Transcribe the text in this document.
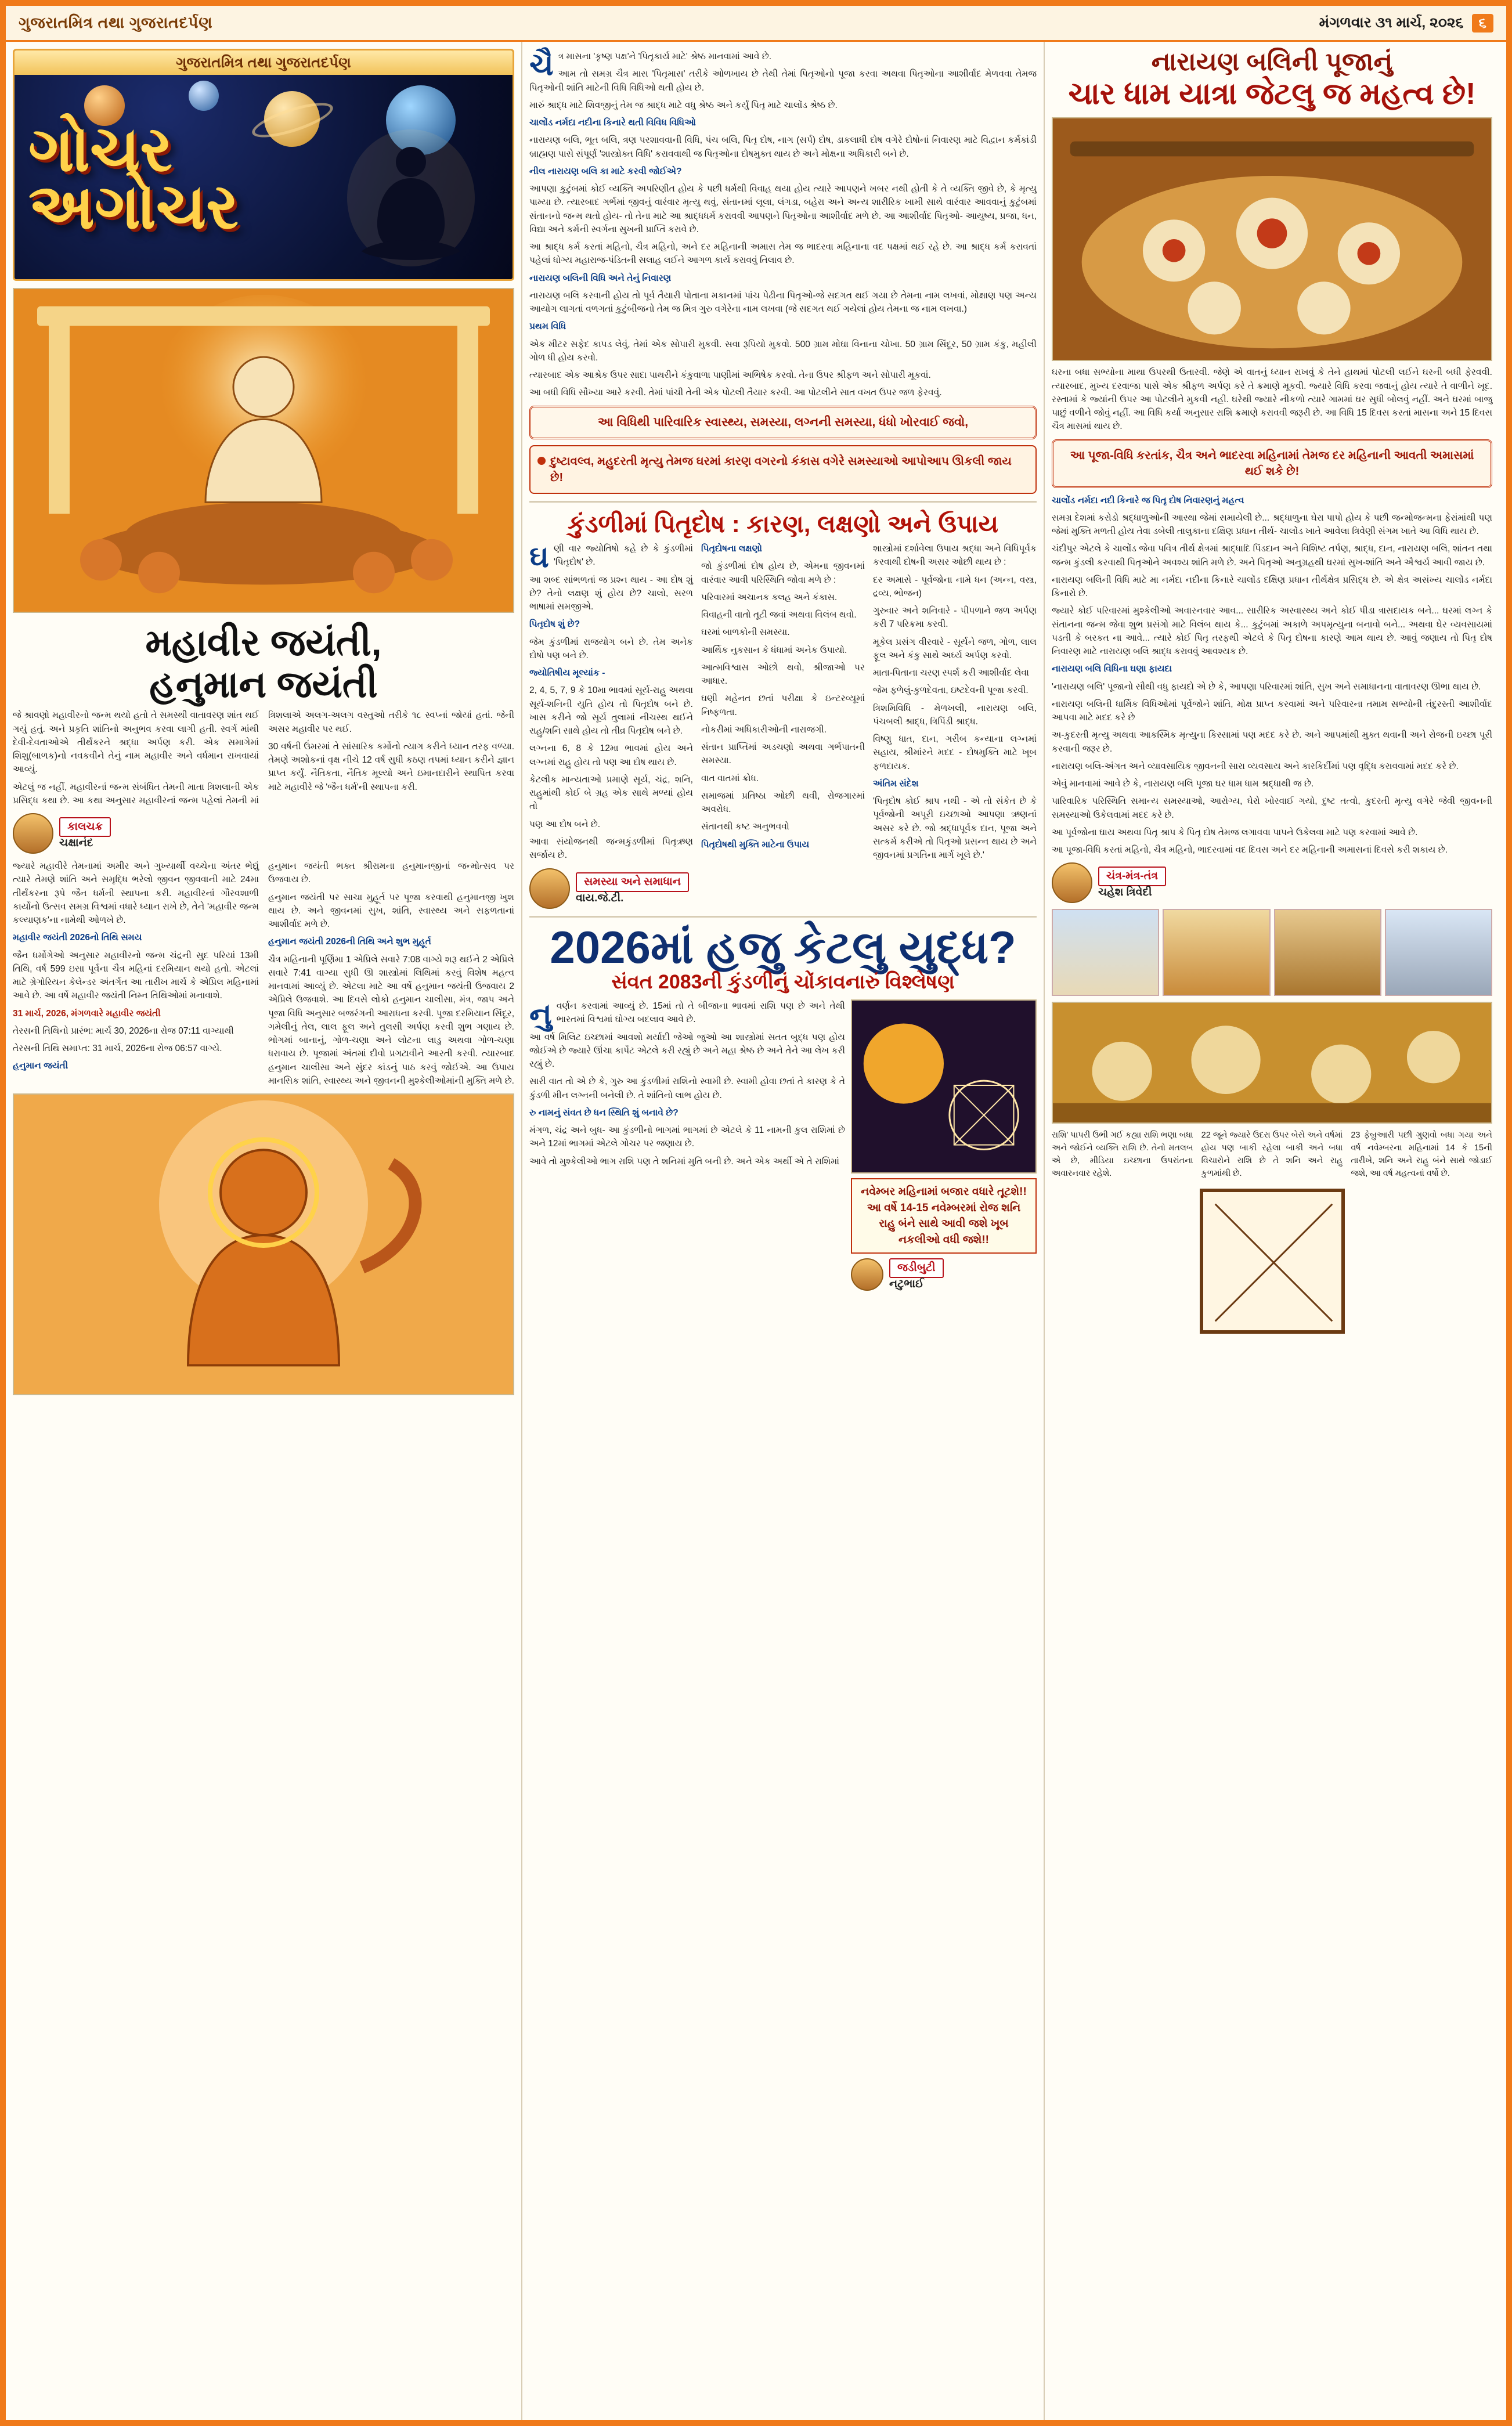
ગુજરાતમિત્ર તથા ગુજરાતદર્પણ	મંગળવાર ૩૧ માર્ચ, ૨૦૨૬	૬
ગુજરાતમિત્ર તથા ગુજરાતદર્પણ
ગોચર
અગોચર
મહાવીર જયંતી,
હનુમાન જયંતી

જે શ્રાવણો મહાવીરનો જન્મ થયો હતો તે સમસ્થી વાતાવરણ શાંત થઈ ગયું હતું. અને પ્રકૃતિ શાંતિનો અનુભવ કરવા લાગી હતી. સ્વર્ગ માંથી દેવી-દેવતાઓએ તીર્થંકરને શ્રદ્ધા અર્પણ કરી. એક સમાગેમાં શિશુ(બાળક)નો નવકવીને તેનું નામ મહાવીર અને વર્ધમાન રાખવાયાં આવ્યું.

એટલું જ નહીં, મહાવીરનાં જન્મ સંબંધિત તેમની માતા ત્રિશલાની એક પ્રસિદ્ધ કથા છે. આ કથા અનુસાર મહાવીરનાં જન્મ પહેલાં તેમની માં ત્રિશલાએ અલગ-અલગ વસ્તુઓ તરીકે ૧૮ સ્વપ્નાં જોયાં હતાં. જેની અસર મહાવીર પર થઈ.

30 વર્ષની ઉંમરમાં તે સાંસારિક કર્મોનો ત્યાગ કરીને ધ્યાન તરફ વળ્યા. તેમણે અશોકનાં વૃક્ષ નીચે 12 વર્ષ સુધી કઠણ તપમાં ધ્યાન કરીને જ્ઞાન પ્રાપ્ત કર્યું. નૈતિકતા, નૈતિક મૂલ્યો અને ઇમાનદારીને સ્થાપિત કરવા માટે મહાવીરે જે 'જૈન ધર્મ'ની સ્થાપના કરી.

કાલચક્ર
ચક્ષાનંદ

જ્યારે મહાવીરે તેમનામાં અમીર અને ગુખ્યાર્થી વચ્ચેના અંતર ભેદ્યું ત્યારે તેમણે શાંતિ અને સમૃદ્ધિ ભરેલો જીવન જીવવાની માટે 24મા તીર્થંકરના રૂપે જૈન ધર્મની સ્થાપના કરી. મહાવીરનાં ગૌરવશાળી કાર્યોનો ઉત્સવ સમગ્ર વિશ્વમાં વધારે ધ્યાન રાખે છે, તેને 'મહાવીર જન્મ કલ્યાણક'ના નામેથી ઓળખે છે.

મહાવીર જયંતી 2026નો તિથિ સમય

જૈન ધર્મોગેઓ અનુસાર મહાવીરનો જન્મ ચંદ્રની સુદ પરિયાં 13મી તિથિ, વર્ષ 599 ઇસા પૂર્વના ચૈત્ર મહિનાં દરમિયાન થયો હતો. એટલાં માટે ગ્રેગોરિયન કેલેન્ડર અંતર્ગત આ તારીખ માર્ચ કે એપ્રિલ મહિનામાં આવે છે. આ વર્ષે મહાવીર જયંતી નિમ્ન તિથિઓમાં મનાવાશે.

31 માર્ચ, 2026, મંગળવારે મહાવીર જયંતી

તેરસની તિથિનો પ્રારંભ: માર્ચ 30, 2026ના રોજ 07:11 વાગ્યાથી

તેરસની તિથિ સમાપ્ત: 31 માર્ચ, 2026ના રોજ 06:57 વાગ્યે.

હનુમાન જયંતી

હનુમાન જયંતી ભક્ત શ્રીરામના હનુમાનજીનાં જન્મોત્સવ પર ઉજવાય છે.

હનુમાન જયંતી પર સાચા મુહૂર્ત પર પૂજા કરવાથી હનુમાનજી ખુશ થાય છે. અને જીવનમાં સુખ, શાંતિ, સ્વાસ્થ્ય અને સફળતાનાં આશીર્વાદ મળે છે.

હનુમાન જયંતી 2026ની તિથિ અને શુભ મુહૂર્ત

ચૈત્ર મહિનાની પૂર્ણિમા 1 એપ્રિલે સવારે 7:08 વાગ્યે શરૂ થઈને 2 એપ્રિલે સવારે 7:41 વાગ્યા સુધી ઊ શાસ્ત્રોમાં લિથિમાં કરવું વિશેષ મહત્વ માનવામાં આવ્યું છે. એટલા માટે આ વર્ષે હનુમાન જયંતી ઉજવાય 2 એપ્રિલે ઉજવાશે. આ દિવસે લોકો હનુમાન ચાલીસા, મંત્ર, જાપ અને પૂજા વિધિ અનુસાર બજરંગની આરાધના કરવી. પૂજા દરમિયાન સિંદૂર, ગમેલીનું તેલ, લાલ ફૂલ અને તુલસી અર્પણ કરવી શુભ ગણાય છે. ભોગમાં બાનાનું, ગોળ-ચણા અને લોટના લાડુ અથવા ગોળ-ચણા ધરાવાય છે. પૂજામાં અંતમાં દીવો પ્રગટાવીને આરતી કરવી. ત્યારબાદ હનુમાન ચાલીસા અને સુંદર કાંડનું પાઠ કરવું જોઈએ. આ ઉપાય માનસિક શાંતિ, સ્વાસ્થ્ય અને જીવનની મુશ્કેલીઓમાંની મુક્તિ મળે છે.

ચૈત્ર માસના 'કૃષ્ણ પક્ષ'ને 'પિતૃકાર્ય માટે' શ્રેષ્ઠ માનવામાં આવે છે.

આમ તો સમગ્ર ચૈત્ર માસ 'પિતૃમાસ' તરીકે ઓળખાય છે તેથી તેમાં પિતૃઓનો પૂજા કરવા અથવા પિતૃઓના આશીર્વાદ મેળવવા તેમજ પિતૃઓની શાંતિ માટેની વિધિ વિધિઓ થતી હોય છે.

મારું શ્રાદ્ધ માટે શિવજીનું તેમ જ શ્રાદ્ધ માટે વધુ શ્રેષ્ઠ અને કર્યું પિતૃ માટે ચાલોંડ શ્રેષ્ઠ છે.

ચાલોંડ નર્મદા નદીના કિનારે થતી વિવિધ વિધિઓ

નારાયણ બલિ, ભૂત બલિ, ત્રણ પરશાવવાની વિધિ, પંચ બલિ, પિતૃ દોષ, નાગ (સર્પ) દોષ, ડાકલાધી દોષ વગેરે દોષોનાં નિવારણ માટે વિદ્વાન કર્મકાંડી બ્રાહ્મણ પાસે સંપૂર્ણ 'શાસ્ત્રોક્ત વિધિ' કરાવવાથી જ પિતૃઓના દોષમુક્ત થાય છે અને મોક્ષના અધિકારી બને છે.

નીલ નારાયણ બલિ કા માટે કરવી જોઈએ?

આપણા કુટુંબમાં કોઈ વ્યક્તિ અપરિણીત હોય કે પછી ધર્મથી વિવાહ થયા હોય ત્યારે આપણને ખબર નથી હોતી કે તે વ્યક્તિ જીવે છે, કે મૃત્યુ પામ્યા છે. ત્યારબાદ ગર્ભમાં જીવનું વારંવાર મૃત્યુ થવું, સંતાનમાં લૂલા, લંગડા, બહેરા અને અન્ય શારીરિક ખામી સાથે વારંવાર આવવાનું કુટુંબમાં સંતાનનો જન્મ થતો હોય- તો તેના માટે આ શ્રાદ્ધધર્મ કરાવવી આપણને પિતૃઓના આશીર્વાદ મળે છે. આ આશીર્વાદ પિતૃઓ- આયુષ્ય, પ્રજા, ધન, વિદ્યા અને કર્મની સ્વર્ગના સુખની પ્રાપ્તિ કરાવે છે.

આ શ્રાદ્ધ કર્મ કરતાં મહિનો, ચૈત્ર મહિનો, અને દર મહિનાની અમાસ તેમ જ ભાદરવા મહિનાના વદ પક્ષમાં થઈ રહે છે. આ શ્રાદ્ધ કર્મ કરાવતાં પહેલાં ધોગ્ય મહારાજ-પંડિતની સલાહ લઈને આગળ કાર્ય કરાવવું તિલાવ છે.

નારાયણ બલિની વિધિ અને તેનું નિવારણ

નારાયણ બલિ કરવાની હોય તો પૂર્વ તૈયારી પોતાના મકાનમાં પાંચ પેઢીના પિતૃઓ-જે સદગત થઈ ગયા છે તેમના નામ લખવાં, મોક્ષાણ પણ અન્ય આયોગ લાગતાં વળગતાં કુટુંબીજનો તેમ જ મિત્ર ગુરુ વગેરેના નામ લખવા (જે સદગત થઈ ગયેલાં હોય તેમના જ નામ લખવા.)

પ્રથમ વિધિ

એક મીટર સફેદ કાપડ લેવું, તેમાં એક સોપારી મુકવી. સવા રૂપિયો મુકવો. 500 ગ્રામ મોઘા વિનાના ચોખા. 50 ગ્રામ સિંદૂર, 50 ગ્રામ કંકુ, મહીલી ગોળ ધી હોય કરવો.

ત્યારબાદ એક આશ્રેક ઉપર સાદા પાથરીને કંકુવાળા પાણીમાં અભિષેક કરવો. તેના ઉપર શ્રીફળ અને સોપારી મૂકવાં.

આ બધી વિધિ સૌખ્યા આરે કરવી. તેમાં પાંચી તેની એક પોટલી તૈયાર કરવી. આ પોટલીને સાત વખત ઉપર જળ ફેરવવું.

આ વિધિથી પારિવારિક સ્વાસ્થ્ય, સમસ્યા, લગ્નની સમસ્યા, ધંધો ખોરવાઈ જવો,
દુષ્ટાવલ્વ, મહુદરતી મૃત્યુ તેમજ ઘરમાં કારણ વગરનો કંકાસ વગેરે સમસ્યાઓ આપોઆપ ઊકલી જાય છે!
કુંડળીમાં પિતૃદોષ : કારણ, લક્ષણો અને ઉપાય

ઘણી વાર જ્યોતિષો કહે છે કે કુંડળીમાં 'પિતૃદોષ' છે.

આ શબ્દ સાંભળતાં જ પ્રશ્ન થાય - આ દોષ શું છે? તેનો લક્ષણ શું હોય છે? ચાલો, સરળ ભાષામાં સમજીએ.

પિતૃદોષ શું છે?

જેમ કુંડળીમાં રાજયોગ બને છે. તેમ અનેક દોષો પણ બને છે.

જ્યોતિષીય મૂલ્યાંક -

2, 4, 5, 7, 9 કે 10મા ભાવમાં સૂર્ય-રાહુ અથવા સૂર્ય-શનિની યુતિ હોય તો પિતૃદોષ બને છે. ખાસ કરીને જો સૂર્ય તુલામાં નીચસ્થ થઈને રાહુ/શનિ સાથે હોય તો તીવ્ર પિતૃદોષ બને છે.

લગ્નના 6, 8 કે 12મા ભાવમાં હોય અને લગ્નમાં રાહુ હોય તો પણ આ દોષ થાય છે.

કેટલીક માન્યતાઓ પ્રમાણે સૂર્ય, ચંદ્ર, શનિ, રાહુમાંથી કોઈ બે ગ્રહ એક સાથે મળ્યાં હોય તો

પણ આ દોષ બને છે.

આવા સંયોજનથી જન્મકુંડળીમાં પિતૃઋણ સર્જાય છે.

પિતૃદોષના લક્ષણો

જો કુંડળીમાં દોષ હોય છે, એમના જીવનમાં વારંવાર આવી પરિસ્થિતિ જોવા મળે છે :

પરિવારમાં અચાનક કલહ અને કંકાસ.

વિવાહની વાતો તૂટી જવાં અથવા વિલંબ થવો.

ઘરમાં બાળકોની સમસ્યા.

આર્થિક નુકસાન કે ધંધામાં અનેક ઉપાયો.

આત્મવિશ્વાસ ઓછો થવો, શ્રીજાઓ પર આધાર.

ઘણી મહેનત છતાં પરીક્ષા કે ઇન્ટરવ્યૂમાં નિષ્ફળતા.

નોકરીમાં અધિકારીઓની નારાજગી.

સંતાન પ્રાપ્તિમાં અડચણો અથવા ગર્ભપાતની સમસ્યા.

વાત વાતમાં ક્રોધ.

સમાજમાં પ્રતિષ્ઠા ઓછી થવી, રોજગારમાં અવરોધ.

સંતાનથી કષ્ટ અનુભવવો

પિતૃદોષથી મુક્તિ માટેના ઉપાય

શાસ્ત્રોમાં દર્શાવેલા ઉપાય શ્રદ્ધા અને વિધિપૂર્વક કરવાથી દોષની અસર ઓછી થાય છે :

દર અમાસે - પૂર્વજોના નામે ધન (અન્ન, વસ્ત્ર, દ્રવ્ય, ભોજન)

ગુરુવાર અને શનિવારે - પીપળાને જળ અર્પણ કરી 7 પરિક્રમા કરવી.

મૂકેલ પ્રસંગ વીરવારે - સૂર્યને જળ, ગોળ, લાલ ફૂલ અને કંકુ સાથે અર્ઘ્ય અર્પણ કરવો.

માતા-પિતાના ચરણ સ્પર્શ કરી આશીર્વાદ લેવા

જેમ ફળેલું-કુળદેવતા, ઇષ્ટદેવની પૂજા કરવી.

ત્રિશમિવિધિ - મેળખલી, નારાયણ બલિ, પંચબલી શ્રાદ્ધ, ત્રિપિંડી શ્રાદ્ધ.

વિષ્ણુ ધાત, દાન, ગરીબ કન્યાના લગ્નમાં સહાય, શ્રીમાંરને મદદ - દોષમુક્તિ માટે ખૂબ ફળદાયક.

અંતિમ સંદેશ

'પિતૃદોષ કોઈ શ્રાપ નથી - એ તો સંકેત છે કે પૂર્વજોની અપૂરી ઇચ્છાઓ આપણા ઋણનાં અસર કરે છે. જો શ્રદ્ધાપૂર્વક દાન, પૂજા અને સત્કર્મ કરીએ તો પિતૃઓ પ્રસન્ન થાય છે અને જીવનમાં પ્રગતિના માર્ગ ખૂલે છે.'

સમસ્યા અને સમાધાન
વાય.જે.ટી.
2026માં હજુ કેટલુ યુદ્ધ?
સંવત 2083ની કુંડળીનું ચોંકાવનારું વિશ્લેષણ

નુવર્ણન કરવામાં આવ્યું છે. 15માં તો તે બીજાના ભાવમાં રાશિ પણ છે અને તેથી ભારતમાં વિશ્વમાં ઘોગ્ય બદલાવ આવે છે.

આ વર્ષ મિલિટ ઇચ્છામાં આવશો મર્યાદી જેઓ જુઓ આ શાસ્ત્રોમાં સતત બુદ્ધ પણ હોય જોઈએ છે જ્યારે ઊંચા કાર્પેટ એટલે કરી રહ્યું છે અને મહા શ્રેષ્ઠ છે અને તેને આ લેખ કરી રહ્યું છે.

સારી વાત તો એ છે કે, ગુરુ આ કુંડળીમાં રાશિનો સ્વામી છે. સ્વામી હોવા છતાં તે કારણ કે તે કુંડળી મીન લગ્નની બનેલી છે. તે શાંતિનો લાભ હોય છે.

રુ નામનું સંવત છે ધન સ્થિતિ શું બનાવે છે?

મંગળ, ચંદ્ર અને બુધ- આ કુંડળીનો ભાગમાં ભાગમાં છે એટલે કે 11 નામની કુલ રાશિમાં છે અને 12માં ભાગમાં એટલે ગોચર પર જણાય છે.

આવે તો મુશ્કેલીઓ ભાગ રાશિ પણ તે શનિમાં મુતિ બની છે. અને એક અર્થી એ તે રાશિમાં

નવેમ્બર મહિનામાં બજાર વધારે તૂટશે!! આ વર્ષે 14-15 નવેમ્બરમાં રોજ શનિ રાહુ બંને સાથે આવી જશે ખૂબ નકલીઓ વધી જશે!!
જડીબુટી
નટુભાઈ
નારાયણ બલિની પૂજાનું
ચાર ધામ યાત્રા જેટલુ જ મહત્વ છે!

ઘરના બધા સભ્યોના માથા ઉપરથી ઉતારવી. જેણે એ વાતનું ધ્યાન રાખવું કે તેને હાથમાં પોટલી લઈને ઘરની બધી ફેરવવી. ત્યારબાદ, મુખ્ય દરવાજા પાસે એક શ્રીફળ અર્પણ કરે તે ક્રમાણે મૂકવી. જ્યારે વિધિ કરવા જવાનું હોય ત્યારે તે વાળીને ખૂદ. રસ્તામાં કે જ્યાંની ઉપર આ પોટલીને મુકવી નહી. ઘરેથી જ્યારે નીકળો ત્યારે ગામમાં ઘર સુધી બોલવું નહીં. અને ઘરમાં બાજુ પાછું વળીને જોવું નહીં. આ વિધિ કર્યા અનુસાર રાશિ ક્રમાણે કરાવવી જરૂરી છે. આ વિધિ 15 દિવસ કરતાં માસના અને 15 દિવસ ચૈત્ર માસમાં થાય છે.

આ પૂજા-વિધિ કરતાંક, ચૈત્ર અને ભાદરવા મહિનામાં તેમજ દર મહિનાની આવતી અમાસમાં થઈ શકે છે!

ચાલોંડ નર્મદા નદી કિનારે જ પિતૃ દોષ નિવારણનું મહત્વ

સમગ્ર દેશમાં કરોડો શ્રદ્ધાળુઓની આસ્થા જેમાં સમાયેલી છે... શ્રદ્ધાળુના ઘેરા પાપો હોય કે પછી જન્મોજન્મના ફેરાંમાંથી પણ જેમાં મુક્તિ મળતી હોય તેવા ડબેલી તાલુકાના દક્ષિણ પ્રધાન તીર્થ- ચાલોંડ ખાતે આવેલા ત્રિવેણી સંગમ ખાતે આ વિધિ થાય છે.

ચંદીપુર એટલે કે ચાલોંડ જેવા પવિત્ર તીર્થ ક્ષેત્રમાં શ્રાદ્ધાદિ પિંડદાન અને વિશિષ્ટ તર્પણ, શ્રાદ્ધ, દાન, નારાયણ બલિ, શાંતન તથા જન્મ કુંડલી કરવાથી પિતૃઓને અવશ્ય શાંતિ મળે છે. અને પિતૃઓ અનુગ્રહથી ઘરમાં સુખ-શાંતિ અને ઐશ્વર્ય આવી જાય છે.

નારાયણ બલિની વિધિ માટે મા નર્મદા નદીના કિનારે ચાલોંડ દક્ષિણ પ્રધાન તીર્થક્ષેત્ર પ્રસિદ્ધ છે. એ ક્ષેત્ર અસંખ્ય ચાલોંડ નર્મદા કિનારો છે.

જ્યારે કોઈ પરિવારમાં મુશ્કેલીઓ અવારનવાર આવ... સારીરિક અસ્વાસ્થ્ય અને કોઈ પીડા ત્રાસદાયક બને... ઘરમાં લગ્ન કે સંતાનના જન્મ જેવા શુભ પ્રસંગો માટે વિલંબ થાય કે... કુટુંબમાં અકાળે અપમૃત્યુના બનાવો બને... અથવા ઘેર વ્યવસાયમાં પડતી કે બરકત ના આવે... ત્યારે કોઈ પિતૃ તરફથી એટલે કે પિતૃ દોષના કારણે આમ થાય છે. આવું જણાય તો પિતૃ દોષ નિવારણ માટે નારાયણ બલિ શ્રાદ્ધ કરાવવું આવશ્યક છે.

નારાયણ બલિ વિધિના ઘણા ફાયદા

'નારાયણ બલિ' પૂજાનો સૌથી વધુ ફાયદો એ છે કે, આપણા પરિવારમાં શાંતિ, સુખ અને સમાધાનના વાતાવરણ ઊભા થાય છે.

નારાયણ બલિની ધાર્મિક વિધિઓમાં પૂર્વજોને શાંતિ, મોક્ષ પ્રાપ્ત કરવામાં અને પરિવારના તમામ સભ્યોની તંદુરસ્તી આશીર્વાદ આપવા માટે મદદ કરે છે

અ-કુદરતી મૃત્યુ અથવા આકસ્મિક મૃત્યુના કિસ્સામાં પણ મદદ કરે છે. અને આપમાંથી મુક્ત થવાની અને રોજની ઇચ્છા પૂરી કરવાની જરૂર છે.

નારાયણ બલિ-અંગત અને વ્યાવસાયિક જીવનની સારા વ્યવસાય અને કારકિર્દીમાં પણ વૃદ્ધિ કરાવવામાં મદદ કરે છે.

એવું માનવામાં આવે છે કે, નારાયણ બલિ પૂજા ઘર ધામ ધામ શ્રદ્ધાથી જ છે.

પારિવારિક પરિસ્થિતિ સમાન્ય સમસ્યાઓ, આરોગ્ય, ઘેરો ખોરવાઈ ગયો, દુષ્ટ તત્વો, કુદરતી મૃત્યુ વગેરે જેવી જીવનની સમસ્યાઓ ઉકેલવામાં મદદ કરે છે.

આ પૂર્વજોના ઘાય અથવા પિતૃ શ્રાપ કે પિતૃ દોષ તેમજ લગાવવા પાપને ઉકેલવા માટે પણ કરવામાં આવે છે.

આ પૂજા-વિધિ કરતાં મહિનો, ચૈત્ર મહિનો, ભાદરવામાં વદ દિવસ અને દર મહિનાની અમાસનાં દિવસે કરી શકાય છે.

ચંત્ર-મંત્ર-તંત્ર
ચહેશ ત્રિવેદી

રાશિ' પાપરી ઉભી ગઈ કહ્યા રાશિ ભણા બધા અને જોઈને વ્યક્તિ રાશિ છે. તેનો મતલબ એ છે, મીડિયા ઇચ્છાના ઉપરાંતના અવારનવાર રહેશે.

22 જૂને જ્યારે ઉદરા ઉપર બેસે અને વર્ષમાં હોય પણ બાકી રહેલા બાકી અને બધા વિચારોને રાશિ છે તે શનિ અને રાહુ કુળમાંથી છે.

23 ફેબ્રુઆરી પછી ગુણવો બધા ગયા અને વર્ષ નવેમ્બરના મહિનામાં 14 કે 15ની તારીખે, શનિ અને રાહુ બંને સાથે જોડાઈ જશે, આ વર્ષ મહત્વનાં વર્ષો છે.
